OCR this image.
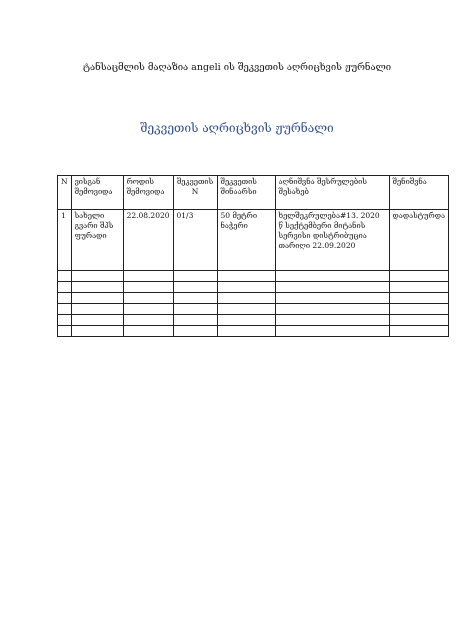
ტანსაცმლის მაღაზია angeli ის შეკვეთის აღრიცხვის ჟურნალი
შეკვეთის აღრიცხვის ჟურნალი
N	ვისგან შემოვიდა	როდის შემოვიდა	შეკვეთის N	შეკვეთის შინაარსი	აღნიშვნა შესრულების შესახებ	შენიშვნა
1	სახელი გვარი შპს ფურადი	22.08.2020	01/3	50 მეტრი ნაჭერი	ხელშეკრულება#13. 2020 წ სექტემბერი მიტანის სერვისი დისტრიბუცია თარიღი 22.09.2020	დადასტურდა
